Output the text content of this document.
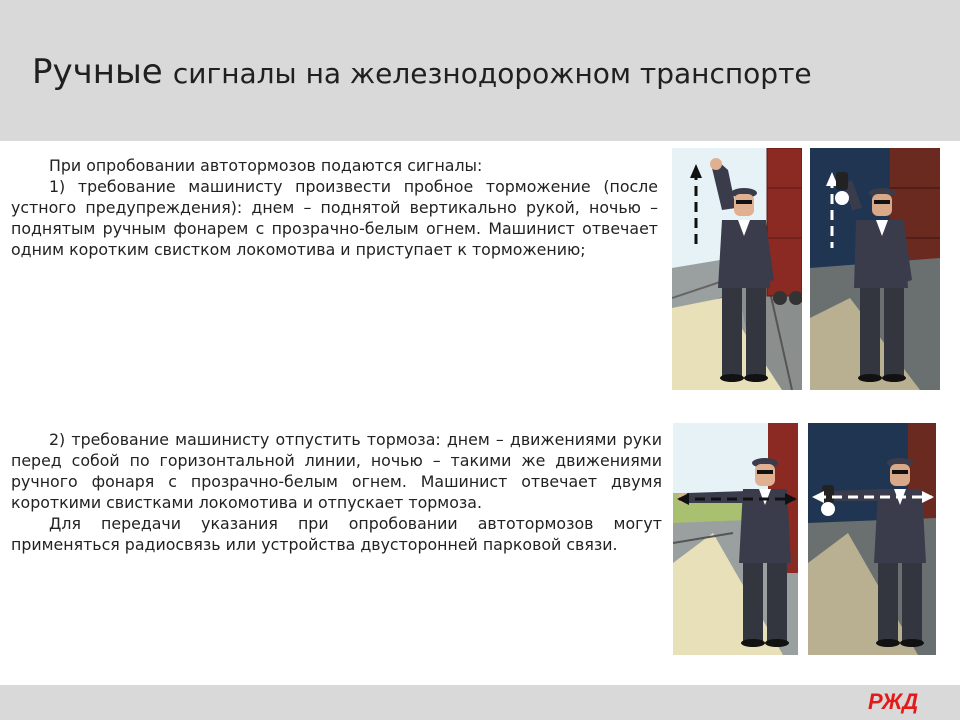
Ручные сигналы на железнодорожном транспорте

При опробовании автотормозов подаются сигналы:

1) требование машинисту произвести пробное торможение (после устного предупреждения): днем – поднятой вертикально рукой, ночью – поднятым ручным фонарем с прозрачно-белым огнем. Машинист отвечает одним коротким свистком локомотива и приступает к торможению;

2) требование машинисту отпустить тормоза: днем – движениями руки перед собой по горизонтальной линии, ночью – такими же движениями ручного фонаря с прозрачно-белым огнем. Машинист отвечает двумя короткими свистками локомотива и отпускает тормоза.

Для передачи указания при опробовании автотормозов могут применяться радиосвязь или устройства двусторонней парковой связи.

РЖД
